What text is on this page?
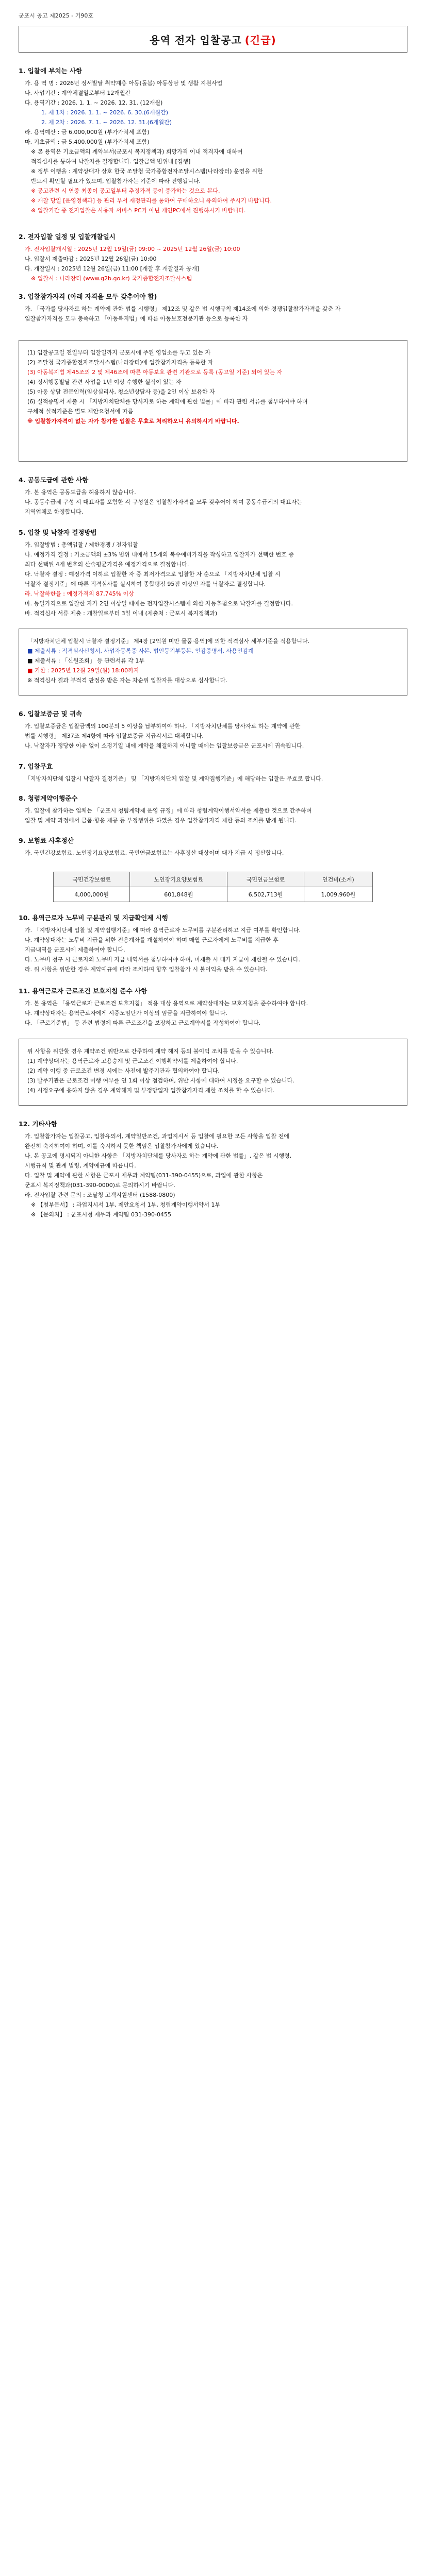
군포시 공고 제2025 - 기90호
용역 전자 입찰공고 (긴급)

1. 입찰에 부치는 사항

가. 용 역 명 : 2026년 정서발달 취약계층 아동(돌봄) 아동상담 및 생활 지원사업

나. 사업기간 : 계약체결일로부터 12개월간

다. 용역기간 : 2026. 1. 1. ~ 2026. 12. 31. (12개월)

1. 제 1차 : 2026. 1. 1. ~ 2026. 6. 30.(6개월간)

2. 제 2차 : 2026. 7. 1. ~ 2026. 12. 31.(6개월간)

라. 용역예산 : 금 6,000,000원 (부가가치세 포함)

마. 기초금액 : 금 5,400,000원 (부가가치세 포함)

※ 본 용역은 기초금액의 계약부서(군포시 복지정책과) 희망가격 이내 적격자에 대하여

적격심사를 통하여 낙찰자를 결정합니다. 입찰금액 범위내 [집행]

※ 정부 이행을 : 계약상대자 상호 한국 조달청 국가종합전자조달시스템(나라장터) 운영을 위한

반드시 확인할 필요가 있으며, 입찰참가자는 기준에 따라 진행됩니다.

※ 공고관련 시 연중 최종이 공고일부터 추정가격 등이 증가하는 것으로 본다.

※ 개찰 당일 [운영정책과] 등 관리 부서 재정관리를 통하여 구매하오니 유의하여 주시기 바랍니다.

※ 입찰기간 중 전자입찰은 사용자 서비스 PC가 아닌 개인PC에서 진행하시기 바랍니다.

2. 전자입찰 일정 및 입찰개찰일시

가. 전자입찰개시일 : 2025년 12월 19일(금) 09:00 ~ 2025년 12월 26일(금) 10:00

나. 입찰서 제출마감 : 2025년 12월 26일(금) 10:00

다. 개찰일시 : 2025년 12월 26일(금) 11:00 [개찰 후 개찰결과 공개]

※ 입찰시 : 나라장터 (www.g2b.go.kr) 국가종합전자조달시스템

3. 입찰참가자격 (아래 자격을 모두 갖추어야 함)

가. 「국가를 당사자로 하는 계약에 관한 법률 시행령」 제12조 및 같은 법 시행규칙 제14조에 의한 경쟁입찰참가자격을 갖춘 자

입찰참가자격을 모두 충족하고 「아동복지법」에 따른 아동보호전문기관 등으로 등록한 자

(1) 입찰공고일 전일부터 입찰일까지 군포시에 주된 영업소를 두고 있는 자

(2) 조달청 국가종합전자조달시스템(나라장터)에 입찰참가자격을 등록한 자

(3) 아동복지법 제45조의 2 및 제46조에 따른 아동보호 관련 기관으로 등록 (공고일 기준) 되어 있는 자

(4) 정서행동발달 관련 사업을 1년 이상 수행한 실적이 있는 자

(5) 아동 상담 전문인력(임상심리사, 청소년상담사 등)을 2인 이상 보유한 자

(6) 실적증명서 제출 시 「지방자치단체를 당사자로 하는 계약에 관한 법률」에 따라 관련 서류를 첨부하여야 하며

구체적 실적기준은 별도 제안요청서에 따름

※ 입찰참가자격이 없는 자가 참가한 입찰은 무효로 처리하오니 유의하시기 바랍니다.

4. 공동도급에 관한 사항

가. 본 용역은 공동도급을 허용하지 않습니다.

나. 공동수급체 구성 시 대표자를 포함한 각 구성원은 입찰참가자격을 모두 갖추어야 하며 공동수급체의 대표자는

지역업체로 한정합니다.

5. 입찰 및 낙찰자 결정방법

가. 입찰방법 : 총액입찰 / 제한경쟁 / 전자입찰

나. 예정가격 결정 : 기초금액의 ±3% 범위 내에서 15개의 복수예비가격을 작성하고 입찰자가 선택한 번호 중

최다 선택된 4개 번호의 산술평균가격을 예정가격으로 결정합니다.

다. 낙찰자 결정 : 예정가격 이하로 입찰한 자 중 최저가격으로 입찰한 자 순으로 「지방자치단체 입찰 시

낙찰자 결정기준」에 따른 적격심사를 실시하여 종합평점 95점 이상인 자를 낙찰자로 결정합니다.

라. 낙찰하한율 : 예정가격의 87.745% 이상

마. 동일가격으로 입찰한 자가 2인 이상일 때에는 전자입찰시스템에 의한 자동추첨으로 낙찰자를 결정합니다.

바. 적격심사 서류 제출 : 개찰일로부터 3일 이내 (제출처 : 군포시 복지정책과)

「지방자치단체 입찰시 낙찰자 결정기준」 제4장 [2억원 미만 물품·용역]에 의한 적격심사 세부기준을 적용합니다.

■ 제출서류 : 적격심사신청서, 사업자등록증 사본, 법인등기부등본, 인감증명서, 사용인감계

■ 제출서류 : 「신원조회」 등 관련서류 각 1부

■ 기한 : 2025년 12월 29일(월) 18:00까지

※ 적격심사 결과 부적격 판정을 받은 자는 차순위 입찰자를 대상으로 심사합니다.

6. 입찰보증금 및 귀속

가. 입찰보증금은 입찰금액의 100분의 5 이상을 납부하여야 하나, 「지방자치단체를 당사자로 하는 계약에 관한

법률 시행령」 제37조 제4항에 따라 입찰보증금 지급각서로 대체합니다.

나. 낙찰자가 정당한 이유 없이 소정기일 내에 계약을 체결하지 아니할 때에는 입찰보증금은 군포시에 귀속됩니다.

7. 입찰무효

「지방자치단체 입찰시 낙찰자 결정기준」 및 「지방자치단체 입찰 및 계약집행기준」에 해당하는 입찰은 무효로 합니다.

8. 청렴계약이행준수

가. 입찰에 참가하는 업체는 「군포시 청렴계약제 운영 규정」에 따라 청렴계약이행서약서를 제출한 것으로 간주하며

입찰 및 계약 과정에서 금품·향응 제공 등 부정행위를 하였을 경우 입찰참가자격 제한 등의 조치를 받게 됩니다.

9. 보험료 사후정산

가. 국민건강보험료, 노인장기요양보험료, 국민연금보험료는 사후정산 대상이며 대가 지급 시 정산합니다.

국민건강보험료	노인장기요양보험료	국민연금보험료	인건비(소계)
4,000,000원	601,848원	6,502,713원	1,009,960원

10. 용역근로자 노무비 구분관리 및 지급확인제 시행

가. 「지방자치단체 입찰 및 계약집행기준」에 따라 용역근로자 노무비를 구분관리하고 지급 여부를 확인합니다.

나. 계약상대자는 노무비 지급을 위한 전용계좌를 개설하여야 하며 매월 근로자에게 노무비를 지급한 후

지급내역을 군포시에 제출하여야 합니다.

다. 노무비 청구 시 근로자의 노무비 지급 내역서를 첨부하여야 하며, 미제출 시 대가 지급이 제한될 수 있습니다.

라. 위 사항을 위반한 경우 계약예규에 따라 조치하며 향후 입찰참가 시 불이익을 받을 수 있습니다.

11. 용역근로자 근로조건 보호지침 준수 사항

가. 본 용역은 「용역근로자 근로조건 보호지침」 적용 대상 용역으로 계약상대자는 보호지침을 준수하여야 합니다.

나. 계약상대자는 용역근로자에게 시중노임단가 이상의 임금을 지급하여야 합니다.

다. 「근로기준법」 등 관련 법령에 따른 근로조건을 보장하고 근로계약서를 작성하여야 합니다.

위 사항을 위반할 경우 계약조건 위반으로 간주하여 계약 해지 등의 불이익 조치를 받을 수 있습니다.

(1) 계약상대자는 용역근로자 고용승계 및 근로조건 이행확약서를 제출하여야 합니다.

(2) 계약 이행 중 근로조건 변경 시에는 사전에 발주기관과 협의하여야 합니다.

(3) 발주기관은 근로조건 이행 여부를 연 1회 이상 점검하며, 위반 사항에 대하여 시정을 요구할 수 있습니다.

(4) 시정요구에 응하지 않을 경우 계약해지 및 부정당업자 입찰참가자격 제한 조치를 할 수 있습니다.

12. 기타사항

가. 입찰참가자는 입찰공고, 입찰유의서, 계약일반조건, 과업지시서 등 입찰에 필요한 모든 사항을 입찰 전에

완전히 숙지하여야 하며, 이를 숙지하지 못한 책임은 입찰참가자에게 있습니다.

나. 본 공고에 명시되지 아니한 사항은 「지방자치단체를 당사자로 하는 계약에 관한 법률」, 같은 법 시행령,

시행규칙 및 관계 법령, 계약예규에 따릅니다.

다. 입찰 및 계약에 관한 사항은 군포시 재무과 계약팀(031-390-0455)으로, 과업에 관한 사항은

군포시 복지정책과(031-390-0000)로 문의하시기 바랍니다.

라. 전자입찰 관련 문의 : 조달청 고객지원센터 (1588-0800)

※ 【첨부문서】 : 과업지시서 1부, 제안요청서 1부, 청렴계약이행서약서 1부

※ 【문의처】 : 군포시청 재무과 계약팀 031-390-0455
